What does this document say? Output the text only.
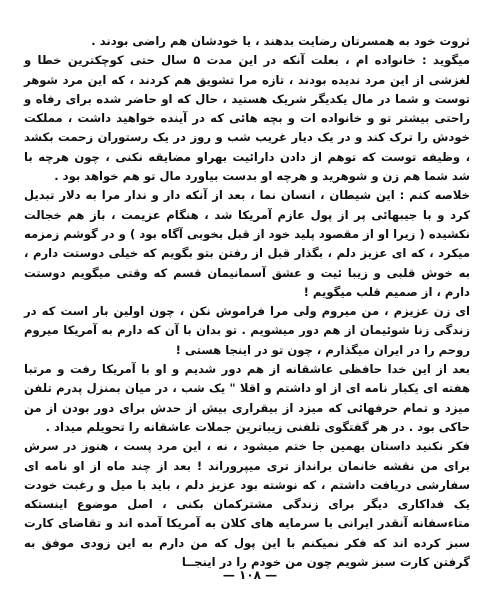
ثروت خود به همسرتان رضایت بدهند ، یا خودشان هم راضی بودند .

میگوید : خانواده ام ، بعلت آنکه در این مدت ۵ سال حتی کوچکترین خطا و لغزشی از این مرد ندیده بودند ، تازه مرا تشویق هم کردند ، که این مرد شوهر توست و شما در مال یکدیگر شریک هستید ، حال که او حاضر شده برای رفاه و راحتی بیشتر تو و خانواده ات و بچه هائی که در آینده خواهید داشت ، مملکت خودش را ترک کند و در یک دیار غریب شب و روز در یک رستوران زحمت بکشد ، وظیفه توست که توهم از دادن دارائیت بهراو مضایقه نکنی ، چون هرچه با شد شما هم زن و شوهرید و هرچه او بدست بیاورد مال تو هم خواهد بود .

خلاصه کنم : این شیطان ، انسان نما ، بعد از آنکه دار و ندار مرا به دلار تبدیل کرد و با جیبهائی پر از پول عازم آمریکا شد ، هنگام عزیمت ، باز هم خجالت نکشیده ( زیرا او از مقصود پلید خود از قبل بخوبی آگاه بود ) و در گوشم زمزمه میکرد ، که ای عزیز دلم ، بگذار قبل از رفتن بتو بگویم که خیلی دوستت دارم ، به خوش قلبی و زیبا ئیت و عشق آسمانیمان قسم که وقتی میگویم دوستت دارم ، از صمیم قلب میگویم !

ای زن عزیزم ، من میروم ولی مرا فراموش نکن ، چون اولین بار است که در زندگی زنا شوئیمان از هم دور میشویم . تو بدان با آن که دارم به آمریکا میروم روحم را در ایران میگذارم ، چون تو در اینجا هستی !

بعد از این خدا حافظی عاشقانه از هم دور شدیم و او با آمریکا رفت و مرتبا هفته ای یکبار نامه ای از او داشتم و اقلا " یک شب ، در میان بمنزل پدرم تلفن میزد و تمام حرفهائی که میزد از بیقراری بیش از حدش برای دور بودن از من حاکی بود . در هر گفتگوی تلفنی زیباترین جملات عاشقانه را تحویلم میداد .

فکر نکنید داستان بهمین جا ختم میشود ، نه ، این مرد پست ، هنوز در سرش برای من نقشه خانمان برانداز تری میپروراند ! بعد از چند ماه از او نامه ای سفارشی دریافت داشتم ، که نوشته بود عزیز دلم ، باید با میل و رغبت خودت یک فداکاری دیگر برای زندگی مشترکمان بکنی ، اصل موضوع اینستکه متاءسفانه آنقدر ایرانی با سرمایه های کلان به آمریکا آمده اند و تقاضای کارت سبز کرده اند که فکر نمیکنم با این پول که من دارم به این زودی موفق به گرفتن کارت سبز شویم چون من خودم را در اینجــا

— ۱۰۸ —
